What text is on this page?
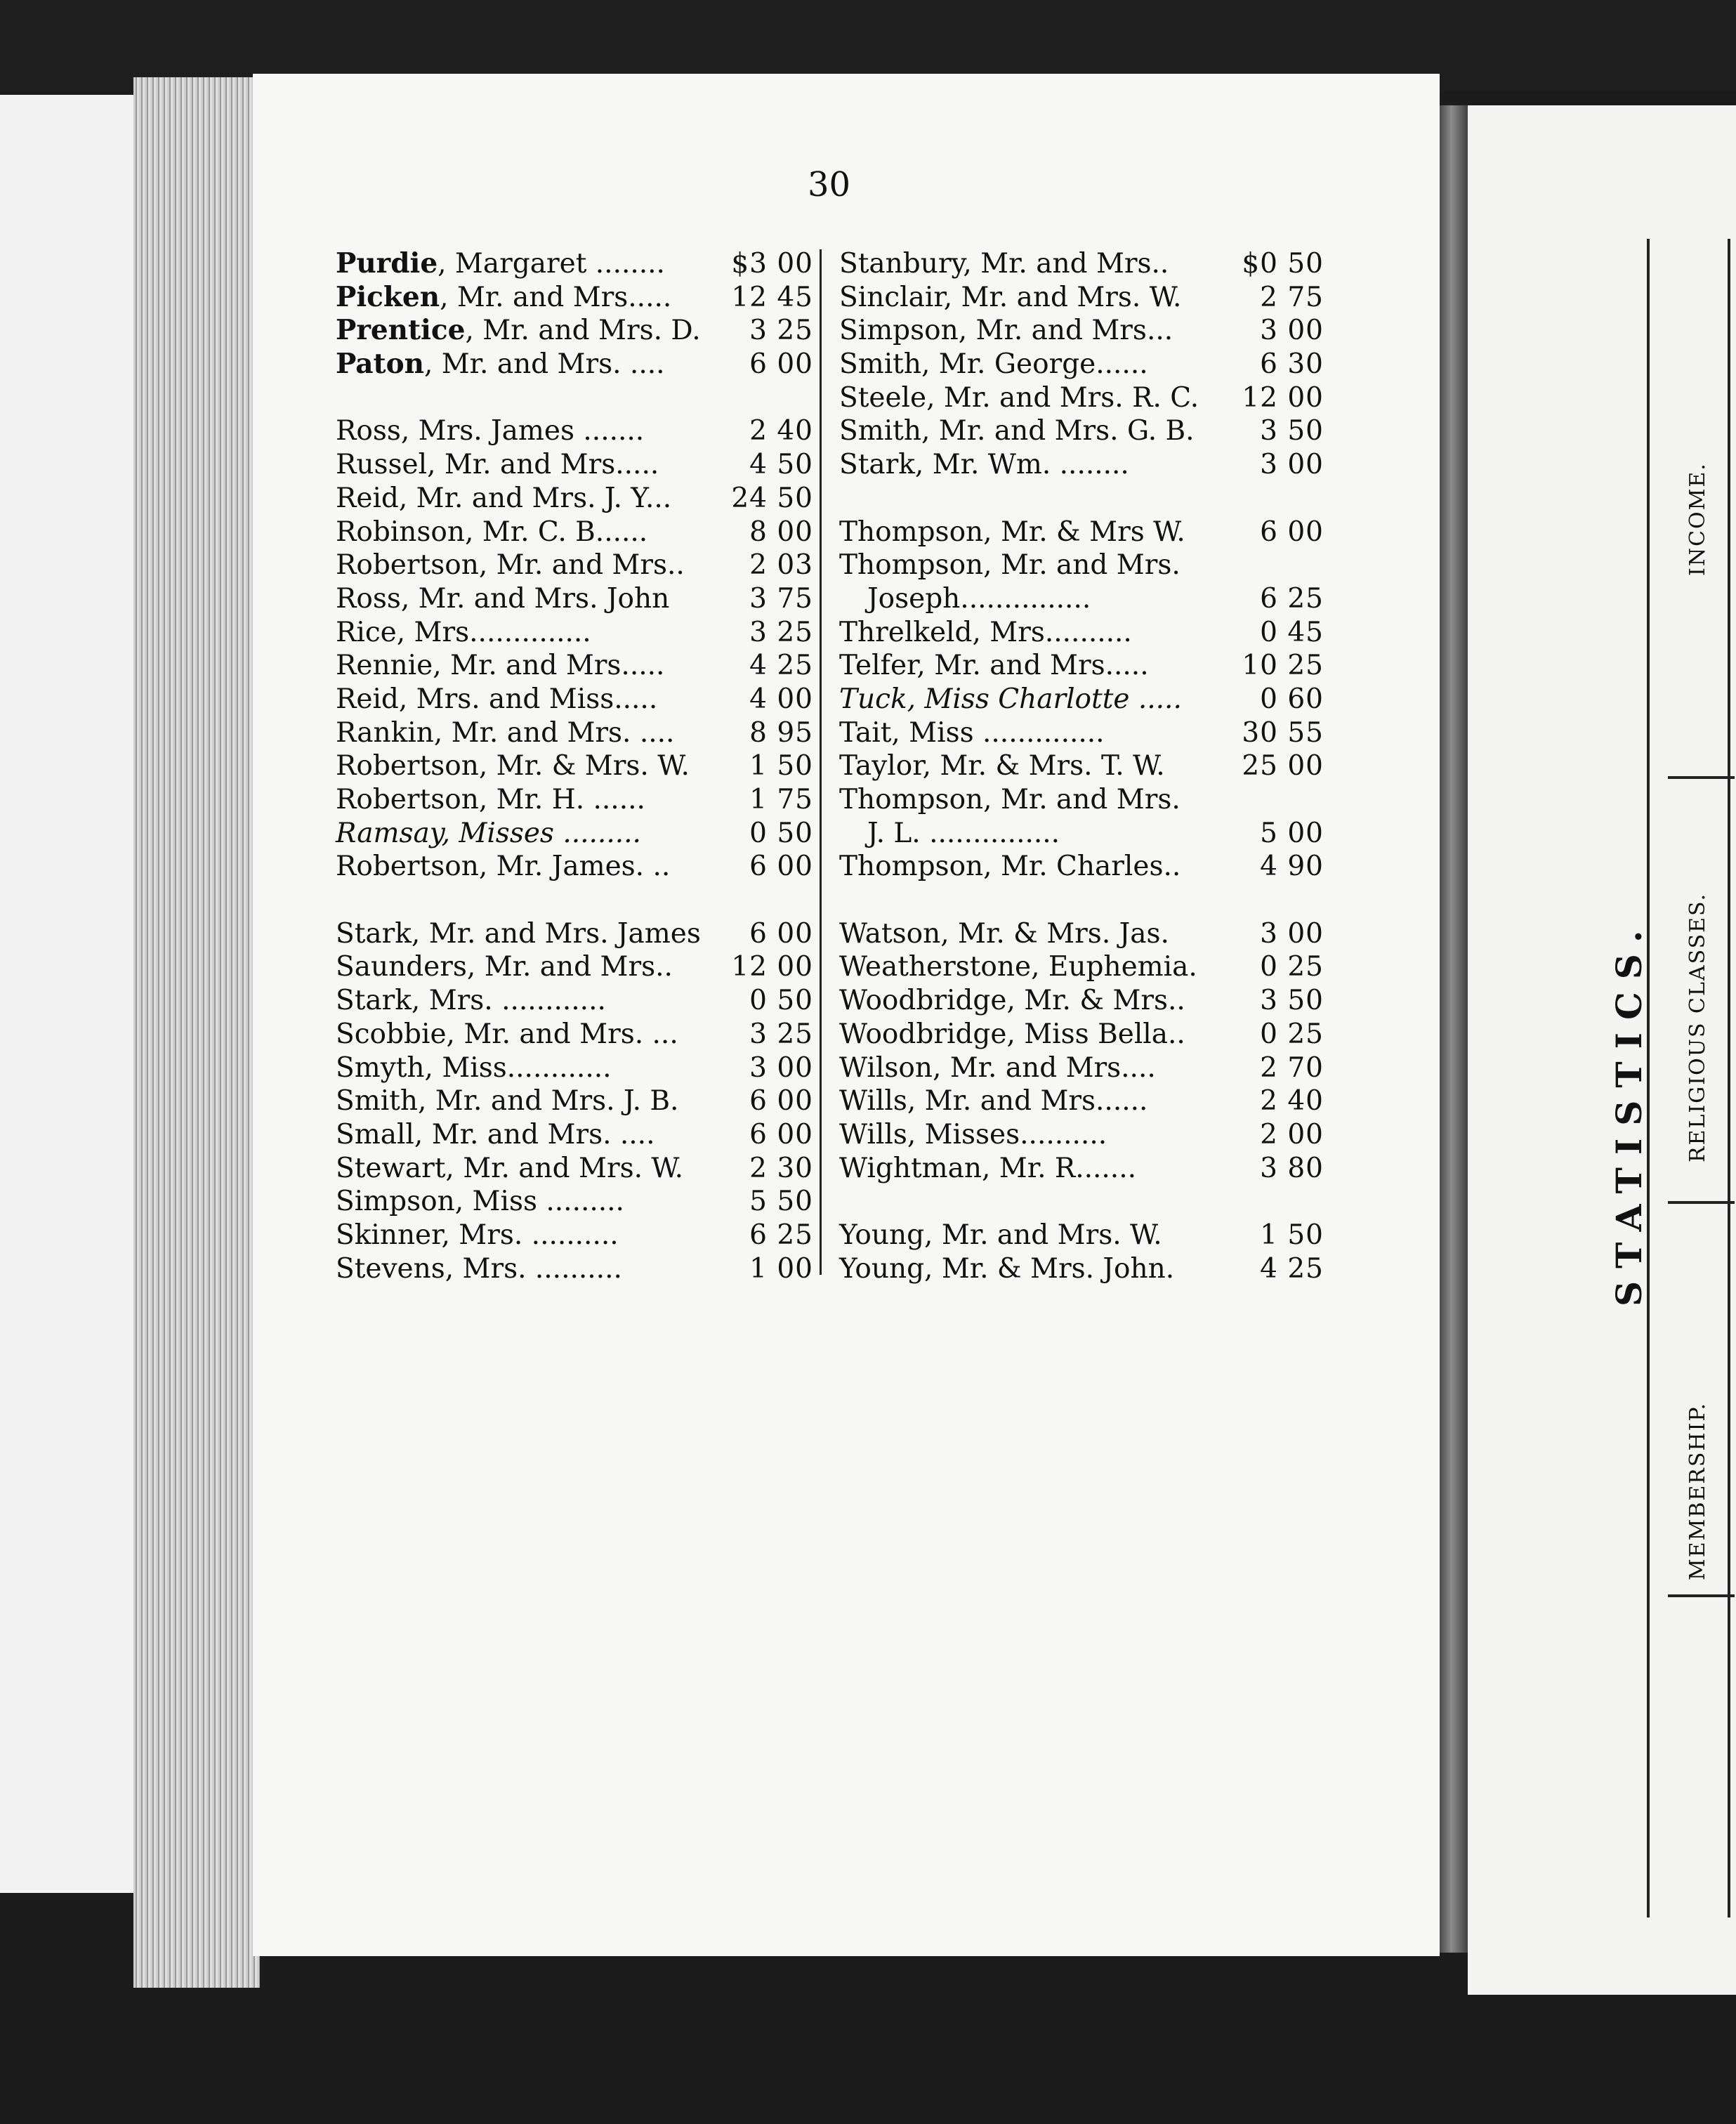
30
Purdie, Margaret ........	$3 00
Picken, Mr. and Mrs.....	12 45
Prentice, Mr. and Mrs. D.	3 25
Paton, Mr. and Mrs. ....	6 00
Ross, Mrs. James .......	2 40
Russel, Mr. and Mrs.....	4 50
Reid, Mr. and Mrs. J. Y...	24 50
Robinson, Mr. C. B......	8 00
Robertson, Mr. and Mrs..	2 03
Ross, Mr. and Mrs. John	3 75
Rice, Mrs..............	3 25
Rennie, Mr. and Mrs.....	4 25
Reid, Mrs. and Miss.....	4 00
Rankin, Mr. and Mrs. ....	8 95
Robertson, Mr. & Mrs. W.	1 50
Robertson, Mr. H. ......	1 75
Ramsay, Misses .........	0 50
Robertson, Mr. James. ..	6 00
Stark, Mr. and Mrs. James	6 00
Saunders, Mr. and Mrs..	12 00
Stark, Mrs. ............	0 50
Scobbie, Mr. and Mrs. ...	3 25
Smyth, Miss............	3 00
Smith, Mr. and Mrs. J. B.	6 00
Small, Mr. and Mrs. ....	6 00
Stewart, Mr. and Mrs. W.	2 30
Simpson, Miss .........	5 50
Skinner, Mrs. ..........	6 25
Stevens, Mrs. ..........	1 00
Stanbury, Mr. and Mrs..	$0 50
Sinclair, Mr. and Mrs. W.	2 75
Simpson, Mr. and Mrs...	3 00
Smith, Mr. George......	6 30
Steele, Mr. and Mrs. R. C.	12 00
Smith, Mr. and Mrs. G. B.	3 50
Stark, Mr. Wm. ........	3 00
Thompson, Mr. & Mrs W.	6 00
Thompson, Mr. and Mrs.
Joseph...............	6 25
Threlkeld, Mrs..........	0 45
Telfer, Mr. and Mrs.....	10 25
Tuck, Miss Charlotte .....	0 60
Tait, Miss ..............	30 55
Taylor, Mr. & Mrs. T. W.	25 00
Thompson, Mr. and Mrs.
J. L. ...............	5 00
Thompson, Mr. Charles..	4 90
Watson, Mr. & Mrs. Jas.	3 00
Weatherstone, Euphemia.	0 25
Woodbridge, Mr. & Mrs..	3 50
Woodbridge, Miss Bella..	0 25
Wilson, Mr. and Mrs....	2 70
Wills, Mr. and Mrs......	2 40
Wills, Misses..........	2 00
Wightman, Mr. R.......	3 80
Young, Mr. and Mrs. W.	1 50
Young, Mr. & Mrs. John.	4 25	STATISTICS.
INCOME.
RELIGIOUS CLASSES.
MEMBERSHIP.
